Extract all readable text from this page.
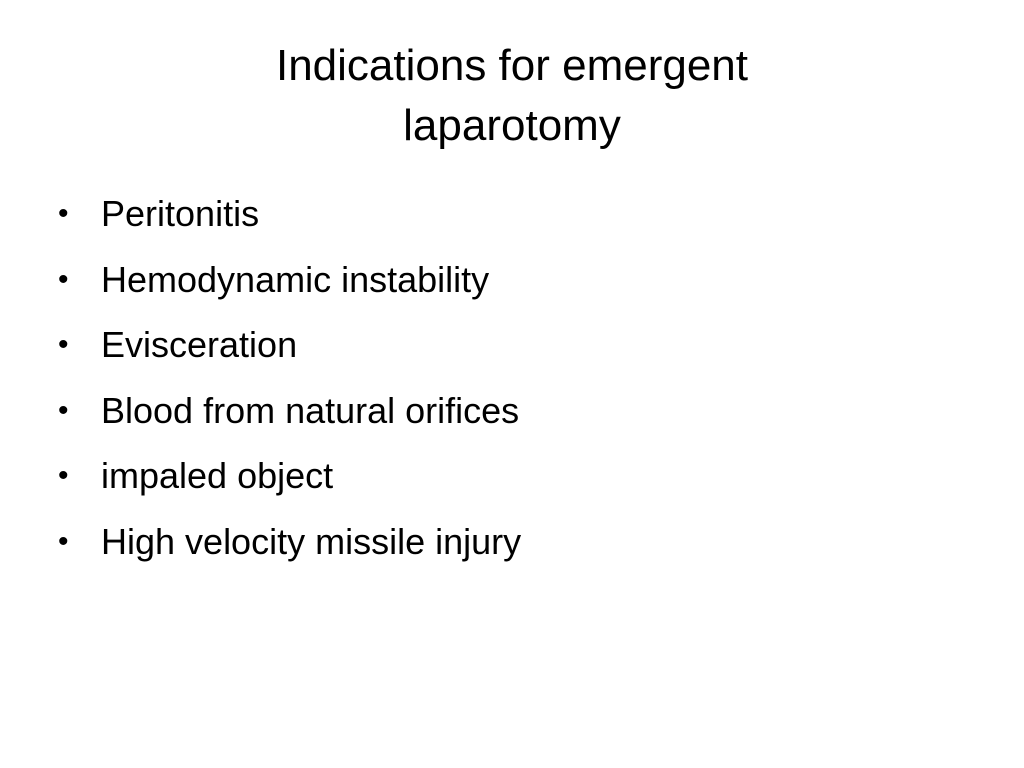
Indications for emergent
laparotomy
• Peritonitis
• Hemodynamic instability
• Evisceration
• Blood from natural orifices
• impaled object
• High velocity missile injury
